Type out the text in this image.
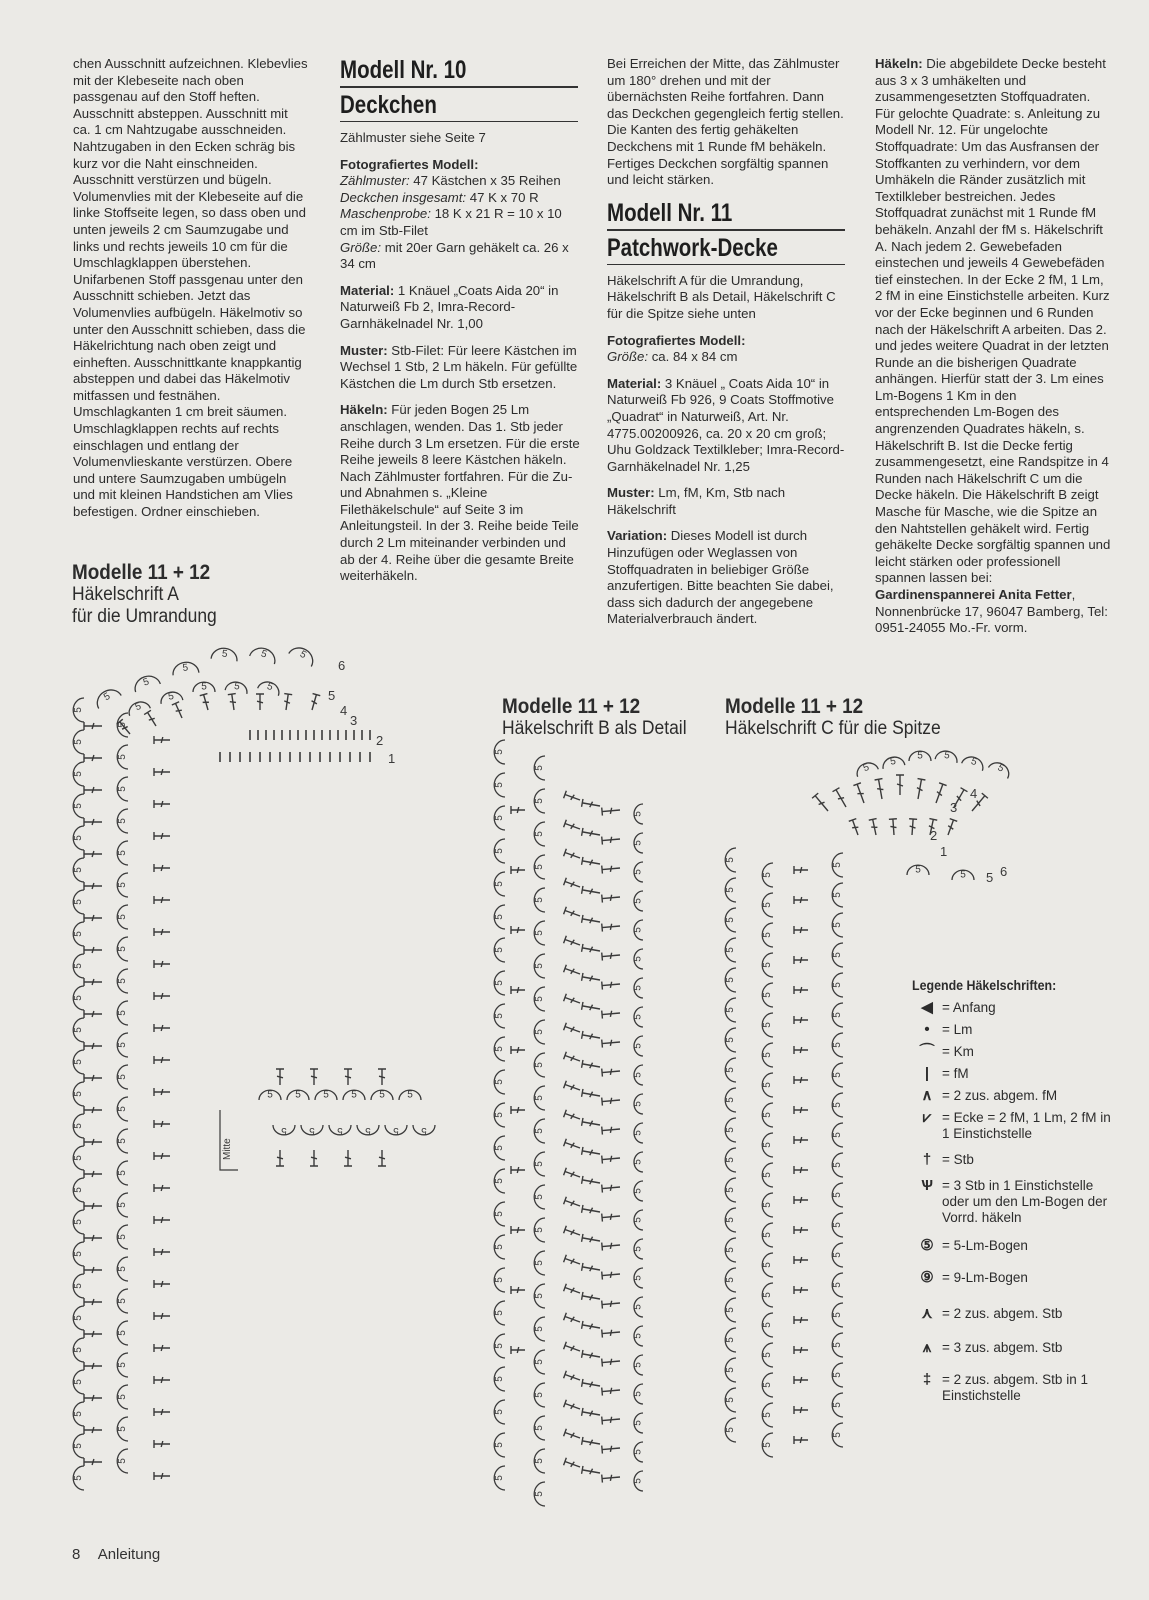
chen Ausschnitt aufzeichnen. Klebevlies mit der Klebeseite nach oben passgenau auf den Stoff heften. Ausschnitt absteppen. Ausschnitt mit ca. 1 cm Nahtzugabe ausschneiden. Nahtzugaben in den Ecken schräg bis kurz vor die Naht einschneiden. Ausschnitt verstürzen und bügeln.

Volumenvlies mit der Klebeseite auf die linke Stoffseite legen, so dass oben und unten jeweils 2 cm Saumzugabe und links und rechts jeweils 10 cm für die Umschlagklappen überstehen. Unifarbenen Stoff passgenau unter den Ausschnitt schieben. Jetzt das Volumenvlies aufbügeln. Häkelmotiv so unter den Ausschnitt schieben, dass die Häkelrichtung nach oben zeigt und einheften. Ausschnittkante knappkantig absteppen und dabei das Häkelmotiv mitfassen und festnähen.

Umschlagkanten 1 cm breit säumen. Umschlagklappen rechts auf rechts einschlagen und entlang der Volumenvlieskante verstürzen. Obere und untere Saumzugaben umbügeln und mit kleinen Handstichen am Vlies befestigen. Ordner einschieben.

Modell Nr. 10
Deckchen

Zählmuster siehe Seite 7

Fotografiertes Modell:
Zählmuster: 47 Kästchen x 35 Reihen
Deckchen insgesamt: 47 K x 70 R
Maschenprobe: 18 K x 21 R = 10 x 10 cm im Stb-Filet

Größe: mit 20er Garn gehäkelt ca. 26 x 34 cm

Material: 1 Knäuel „Coats Aida 20“ in Naturweiß Fb 2, Imra-Record-Garnhäkelnadel Nr. 1,00

Muster: Stb-Filet: Für leere Kästchen im Wechsel 1 Stb, 2 Lm häkeln. Für gefüllte Kästchen die Lm durch Stb ersetzen.

Häkeln: Für jeden Bogen 25 Lm anschlagen, wenden. Das 1. Stb jeder Reihe durch 3 Lm ersetzen. Für die erste Reihe jeweils 8 leere Kästchen häkeln. Nach Zählmuster fortfahren. Für die Zu- und Abnahmen s. „Kleine Filethäkelschule“ auf Seite 3 im Anleitungsteil. In der 3. Reihe beide Teile durch 2 Lm miteinander verbinden und ab der 4. Reihe über die gesamte Breite weiterhäkeln.

Bei Erreichen der Mitte, das Zählmuster um 180° drehen und mit der übernächsten Reihe fortfahren. Dann das Deckchen gegengleich fertig stellen. Die Kanten des fertig gehäkelten Deckchens mit 1 Runde fM behäkeln. Fertiges Deckchen sorgfältig spannen und leicht stärken.

Modell Nr. 11
Patchwork-Decke

Häkelschrift A für die Umrandung, Häkelschrift B als Detail, Häkelschrift C für die Spitze siehe unten

Fotografiertes Modell:

Größe: ca. 84 x 84 cm

Material: 3 Knäuel „ Coats Aida 10“ in Naturweiß Fb 926, 9 Coats Stoffmotive „Quadrat“ in Naturweiß, Art. Nr. 4775.00200926, ca. 20 x 20 cm groß; Uhu Goldzack Textilkleber; Imra-Record-Garnhäkelnadel Nr. 1,25

Muster: Lm, fM, Km, Stb nach Häkelschrift

Variation: Dieses Modell ist durch Hinzufügen oder Weglassen von Stoffquadraten in beliebiger Größe anzufertigen. Bitte beachten Sie dabei, dass sich dadurch der angegebene Materialverbrauch ändert.

Häkeln: Die abgebildete Decke besteht aus 3 x 3 umhäkelten und zusammengesetzten Stoffquadraten. Für gelochte Quadrate: s. Anleitung zu Modell Nr. 12. Für ungelochte Stoffquadrate: Um das Ausfransen der Stoffkanten zu verhindern, vor dem Umhäkeln die Ränder zusätzlich mit Textilkleber bestreichen. Jedes Stoffquadrat zunächst mit 1 Runde fM behäkeln. Anzahl der fM s. Häkelschrift A. Nach jedem 2. Gewebefaden einstechen und jeweils 4 Gewebefäden tief einstechen. In der Ecke 2 fM, 1 Lm, 2 fM in eine Einstichstelle arbeiten. Kurz vor der Ecke beginnen und 6 Runden nach der Häkelschrift A arbeiten. Das 2. und jedes weitere Quadrat in der letzten Runde an die bisherigen Quadrate anhängen. Hierfür statt der 3. Lm eines Lm-Bogens 1 Km in den entsprechenden Lm-Bogen des angrenzenden Quadrates häkeln, s. Häkelschrift B. Ist die Decke fertig zusammengesetzt, eine Randspitze in 4 Runden nach Häkelschrift C um die Decke häkeln. Die Häkelschrift B zeigt Masche für Masche, wie die Spitze an den Nahtstellen gehäkelt wird. Fertig gehäkelte Decke sorgfältig spannen und leicht stärken oder professionell spannen lassen bei: Gardinenspannerei Anita Fetter, Nonnenbrücke 17, 96047 Bamberg, Tel: 0951-24055 Mo.-Fr. vorm.

Modelle 11 + 12
Häkelschrift A
für die Umrandung
Modelle 11 + 12
Häkelschrift B als Detail
Modelle 11 + 12
Häkelschrift C für die Spitze
5
5
5
5
5
5
5
5
5
5
5
5
5
5
5
5
5
5
5
5
5
5
5
5
5
5
5
5
5
5
5
5
5
5
5
5
5
5
5
5
5
5
5
5
5
5
5
5
5
5
5
5
5	5	5
5
5
5	5 5
1
2
3
4
5
6
5
5
5
5
5
5
5
5
5
5
5
5
Mitte
5
5
5
5
5
5
5
5
5
5
5
5
5
5
5
5
5
5
5
5
5
5
5
5
5
5
5
5
5
5
5
5
5
5
5
5
5
5
5
5
5
5
5
5
5
5
5
5
5
5
5
5
5
5
5
5
5
5
5
5
5
5
5
5
5
5
5
5
5
5
5
5
5 5
5
5
5	5
5
5
5
5
5
5
5
5
5
5
5
5
5
5
5
5
5
5
5
5
5
5
5
5
5
5
5
5
5
5
5
5
5
5
5
5
5
5
5
5
5
5
5
5
5
5
5
5
5
5
5
5
5
5
5
5
5
5
5
5
4
3
2
1
5 6
Legende Häkelschriften:
◀ = Anfang
• = Lm
⌒ = Km
| = fM
∧ = 2 zus. abgem. fM
⩗ = Ecke = 2 fM, 1 Lm, 2 fM in 1 Einstichstelle
† = Stb
Ѱ = 3 Stb in 1 Einstichstelle oder um den Lm-Bogen der Vorrd. häkeln
⑤ = 5-Lm-Bogen
⑨ = 9-Lm-Bogen
⋏ = 2 zus. abgem. Stb
⩚ = 3 zus. abgem. Stb
‡ = 2 zus. abgem. Stb in 1 Einstichstelle
8 Anleitung
